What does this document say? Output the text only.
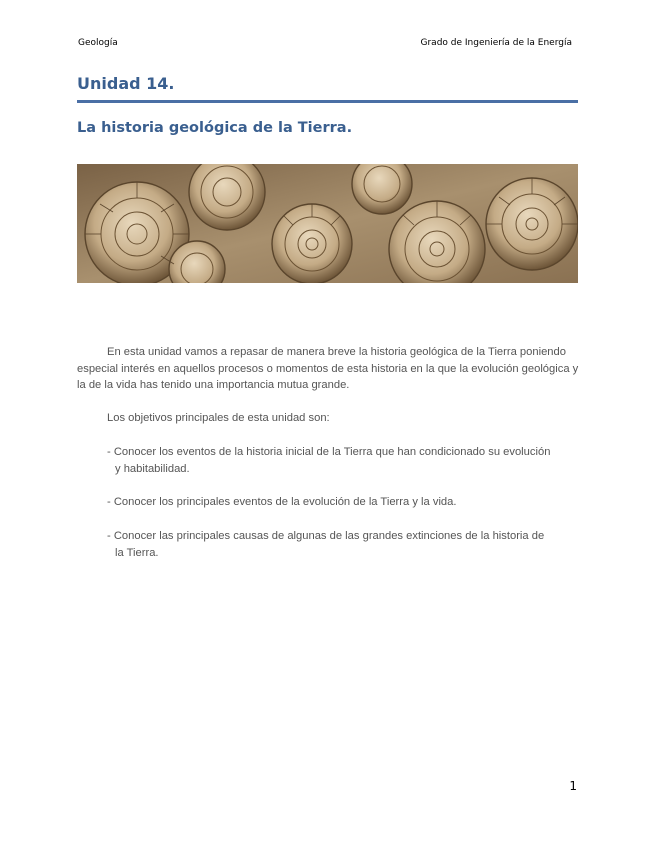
Geología	Grado de Ingeniería de la Energía
Unidad 14.
La historia geológica de la Tierra.
En esta unidad vamos a repasar de manera breve la historia geológica de la Tierra poniendo especial interés en aquellos procesos o momentos de esta historia en la que la evolución geológica y la de la vida has tenido una importancia mutua grande.
Los objetivos principales de esta unidad son:
- Conocer los eventos de la historia inicial de la Tierra que han condicionado su evolución
y habitabilidad.
- Conocer los principales eventos de la evolución de la Tierra y la vida.
- Conocer las principales causas de algunas de las grandes extinciones de la historia de
la Tierra.
1
